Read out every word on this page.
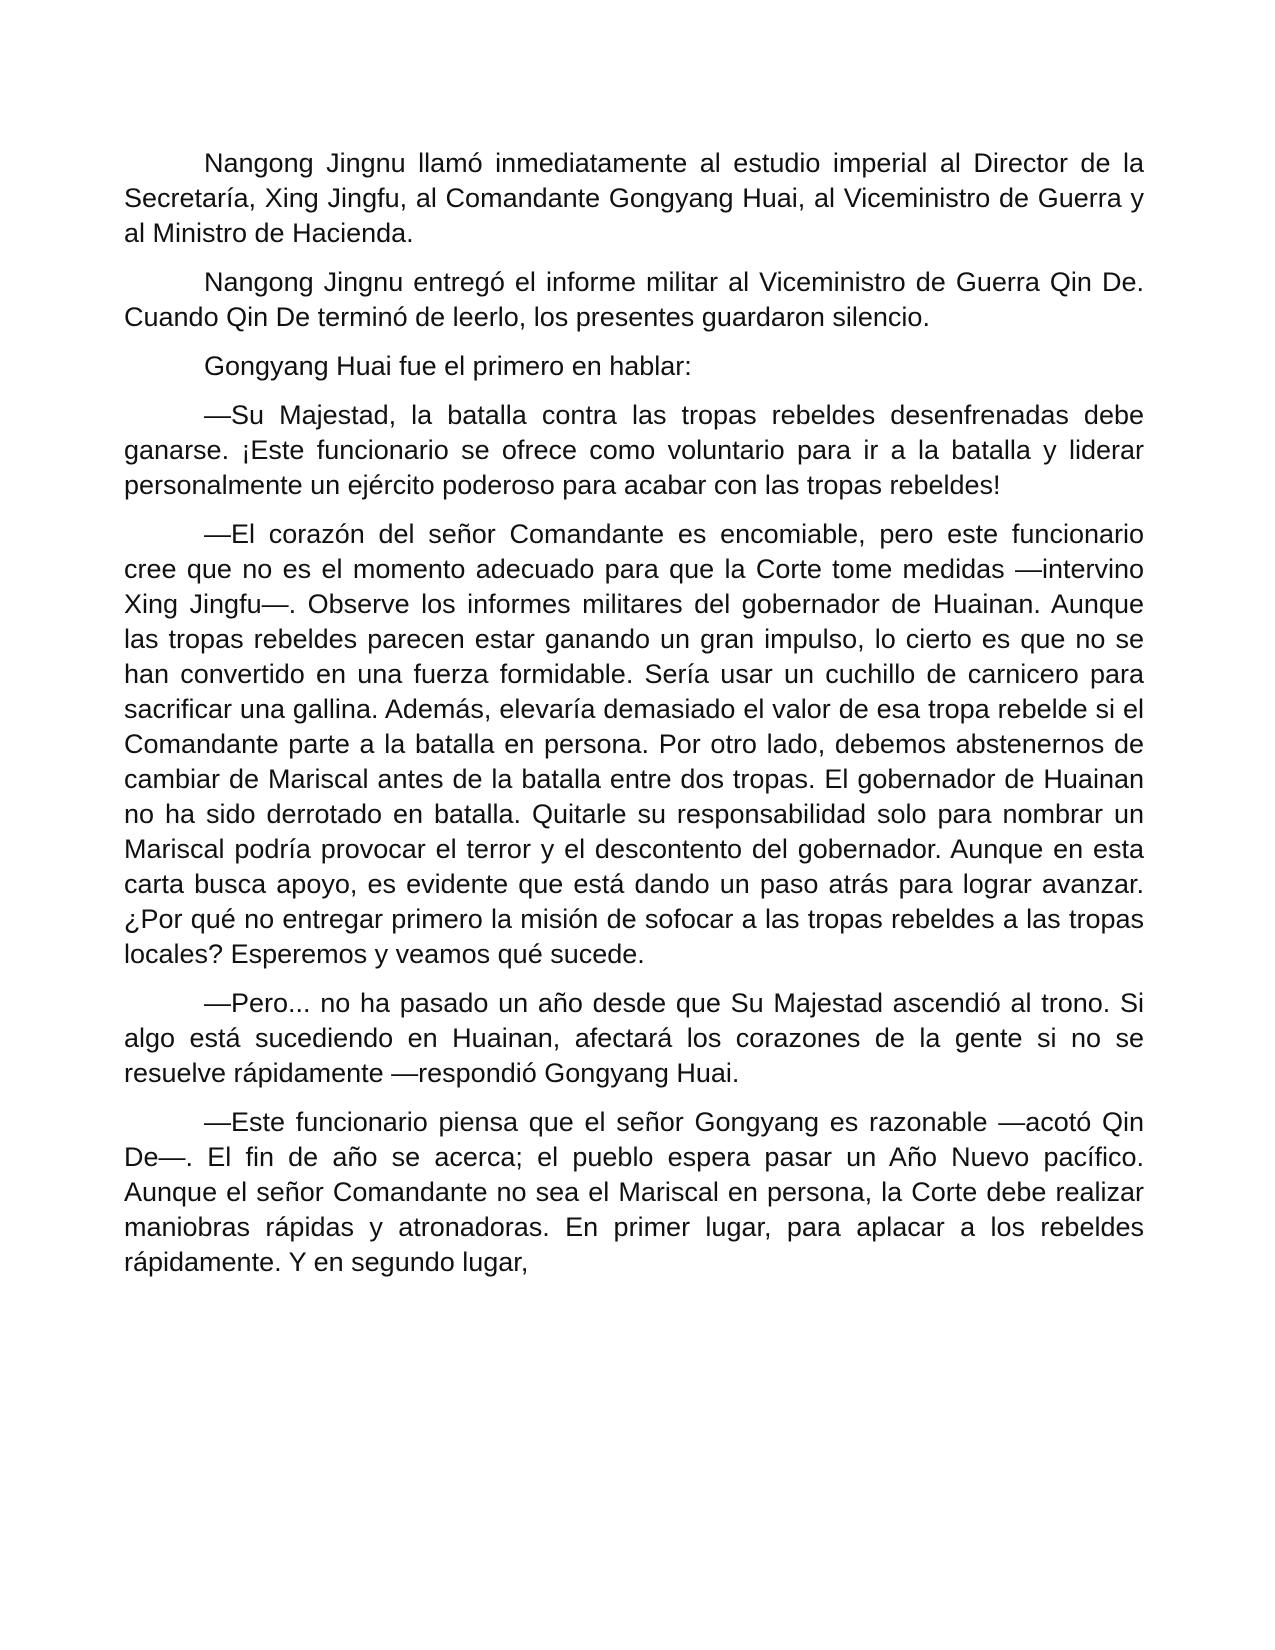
Nangong Jingnu llamó inmediatamente al estudio imperial al Director de la Secretaría, Xing Jingfu, al Comandante Gongyang Huai, al Viceministro de Guerra y al Ministro de Hacienda.

Nangong Jingnu entregó el informe militar al Viceministro de Guerra Qin De. Cuando Qin De terminó de leerlo, los presentes guardaron silencio.

Gongyang Huai fue el primero en hablar:

—Su Majestad, la batalla contra las tropas rebeldes desenfrenadas debe ganarse. ¡Este funcionario se ofrece como voluntario para ir a la batalla y liderar personalmente un ejército poderoso para acabar con las tropas rebeldes!

—El corazón del señor Comandante es encomiable, pero este funcionario cree que no es el momento adecuado para que la Corte tome medidas —intervino Xing Jingfu—. Observe los informes militares del gobernador de Huainan. Aunque las tropas rebeldes parecen estar ganando un gran impulso, lo cierto es que no se han convertido en una fuerza formidable. Sería usar un cuchillo de carnicero para sacrificar una gallina. Además, elevaría demasiado el valor de esa tropa rebelde si el Comandante parte a la batalla en persona. Por otro lado, debemos abstenernos de cambiar de Mariscal antes de la batalla entre dos tropas. El gobernador de Huainan no ha sido derrotado en batalla. Quitarle su responsabilidad solo para nombrar un Mariscal podría provocar el terror y el descontento del gobernador. Aunque en esta carta busca apoyo, es evidente que está dando un paso atrás para lograr avanzar. ¿Por qué no entregar primero la misión de sofocar a las tropas rebeldes a las tropas locales? Esperemos y veamos qué sucede.

—Pero... no ha pasado un año desde que Su Majestad ascendió al trono. Si algo está sucediendo en Huainan, afectará los corazones de la gente si no se resuelve rápidamente —respondió Gongyang Huai.

—Este funcionario piensa que el señor Gongyang es razonable —acotó Qin De—. El fin de año se acerca; el pueblo espera pasar un Año Nuevo pacífico. Aunque el señor Comandante no sea el Mariscal en persona, la Corte debe realizar maniobras rápidas y atronadoras. En primer lugar, para aplacar a los rebeldes rápidamente. Y en segundo lugar,
